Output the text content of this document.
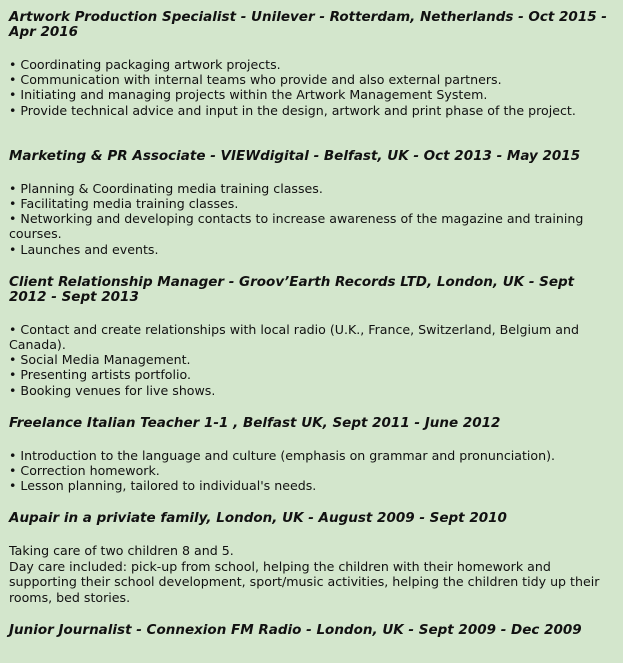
Artwork Production Specialist - Unilever - Rotterdam, Netherlands - Oct 2015 - Apr 2016
• Coordinating packaging artwork projects.
• Communication with internal teams who provide and also external partners.
• Initiating and managing projects within the Artwork Management System.
• Provide technical advice and input in the design, artwork and print phase of the project.
Marketing & PR Associate - VIEWdigital - Belfast, UK - Oct 2013 - May 2015
• Planning & Coordinating media training classes.
• Facilitating media training classes.
• Networking and developing contacts to increase awareness of the magazine and training courses.
• Launches and events.
Client Relationship Manager - Groov’Earth Records LTD, London, UK - Sept 2012 - Sept 2013
• Contact and create relationships with local radio (U.K., France, Switzerland, Belgium and Canada).
• Social Media Management.
• Presenting artists portfolio.
• Booking venues for live shows.
Freelance Italian Teacher 1-1 , Belfast UK, Sept 2011 - June 2012
• Introduction to the language and culture (emphasis on grammar and pronunciation).
• Correction homework.
• Lesson planning, tailored to individual's needs.
Aupair in a priviate family, London, UK - August 2009 - Sept 2010

Taking care of two children 8 and 5.

Day care included: pick-up from school, helping the children with their homework and supporting their school development, sport/music activities, helping the children tidy up their rooms, bed stories.

Junior Journalist - Connexion FM Radio - London, UK - Sept 2009 - Dec 2009
